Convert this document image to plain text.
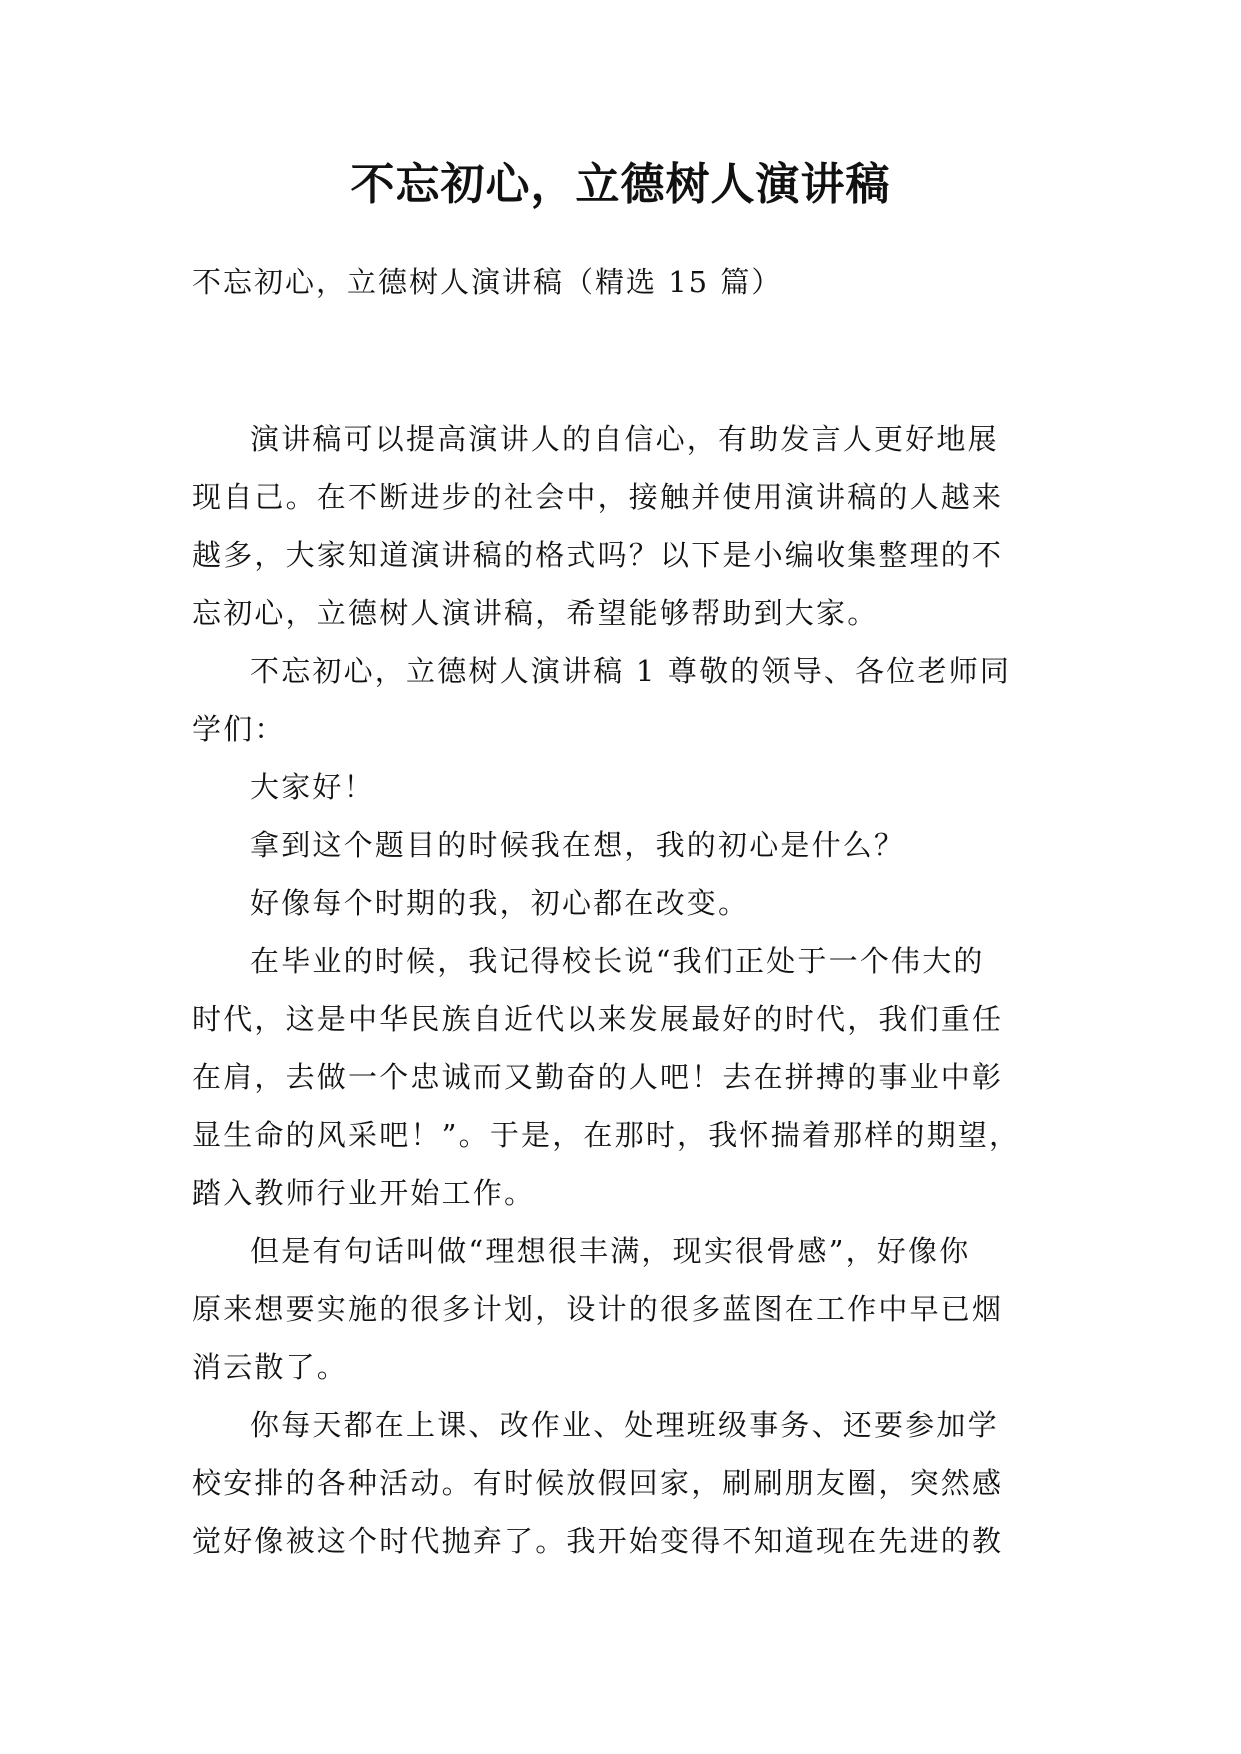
不忘初心，立德树人演讲稿

不忘初心，立德树人演讲稿（精选 15 篇）

演讲稿可以提高演讲人的自信心，有助发言人更好地展
现自己。在不断进步的社会中，接触并使用演讲稿的人越来
越多，大家知道演讲稿的格式吗？以下是小编收集整理的不
忘初心，立德树人演讲稿，希望能够帮助到大家。

不忘初心，立德树人演讲稿 1 尊敬的领导、各位老师同
学们：

大家好！

拿到这个题目的时候我在想，我的初心是什么？

好像每个时期的我，初心都在改变。

在毕业的时候，我记得校长说“我们正处于一个伟大的
时代，这是中华民族自近代以来发展最好的时代，我们重任
在肩，去做一个忠诚而又勤奋的人吧！去在拼搏的事业中彰
显生命的风采吧！”。于是，在那时，我怀揣着那样的期望，
踏入教师行业开始工作。

但是有句话叫做“理想很丰满，现实很骨感”，好像你
原来想要实施的很多计划，设计的很多蓝图在工作中早已烟
消云散了。

你每天都在上课、改作业、处理班级事务、还要参加学
校安排的各种活动。有时候放假回家，刷刷朋友圈，突然感
觉好像被这个时代抛弃了。我开始变得不知道现在先进的教
